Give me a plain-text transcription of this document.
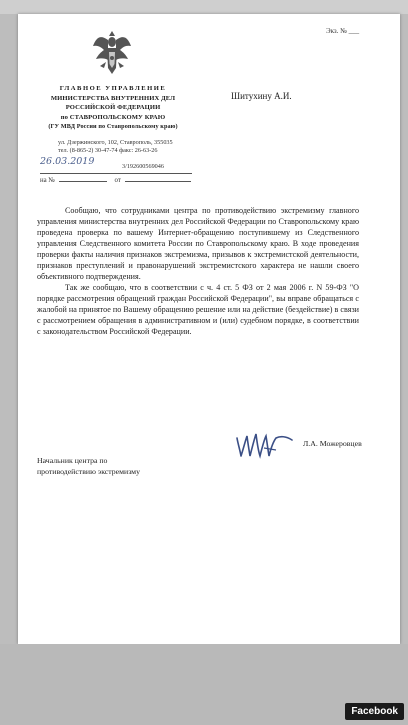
Экз. № ___
ГЛАВНОЕ УПРАВЛЕНИЕ
МИНИСТЕРСТВА ВНУТРЕННИХ ДЕЛ
РОССИЙСКОЙ ФЕДЕРАЦИИ
по СТАВРОПОЛЬСКОМУ КРАЮ
(ГУ МВД России по Ставропольскому краю)
ул. Дзержинского, 102, Ставрополь, 355035
тел. (8-865-2) 30-47-74 факс: 26-63-26
26.03.2019	3/192600569046
на №	от
Шитухину А.И.

Сообщаю, что сотрудниками центра по противодействию экстремизму главного управления министерства внутренних дел Российской Федерации по Ставропольскому краю проведена проверка по вашему Интернет-обращению поступившему из Следственного управления Следственного комитета России по Ставропольскому краю. В ходе проведения проверки факты наличия признаков экстремизма, призывов к экстремистской деятельности, признаков преступлений и правонарушений экстремистского характера не нашли своего объективного подтверждения.

Так же сообщаю, что в соответствии с ч. 4 ст. 5 ФЗ от 2 мая 2006 г. N 59-ФЗ "О порядке рассмотрения обращений граждан Российской Федерации", вы вправе обращаться с жалобой на принятое по Вашему обращению решение или на действие (бездействие) в связи с рассмотрением обращения в административном и (или) судебном порядке, в соответствии с законодательством Российской Федерации.

Начальник центра по
противодействию экстремизму
Л.А. Можеровцев
Facebook
